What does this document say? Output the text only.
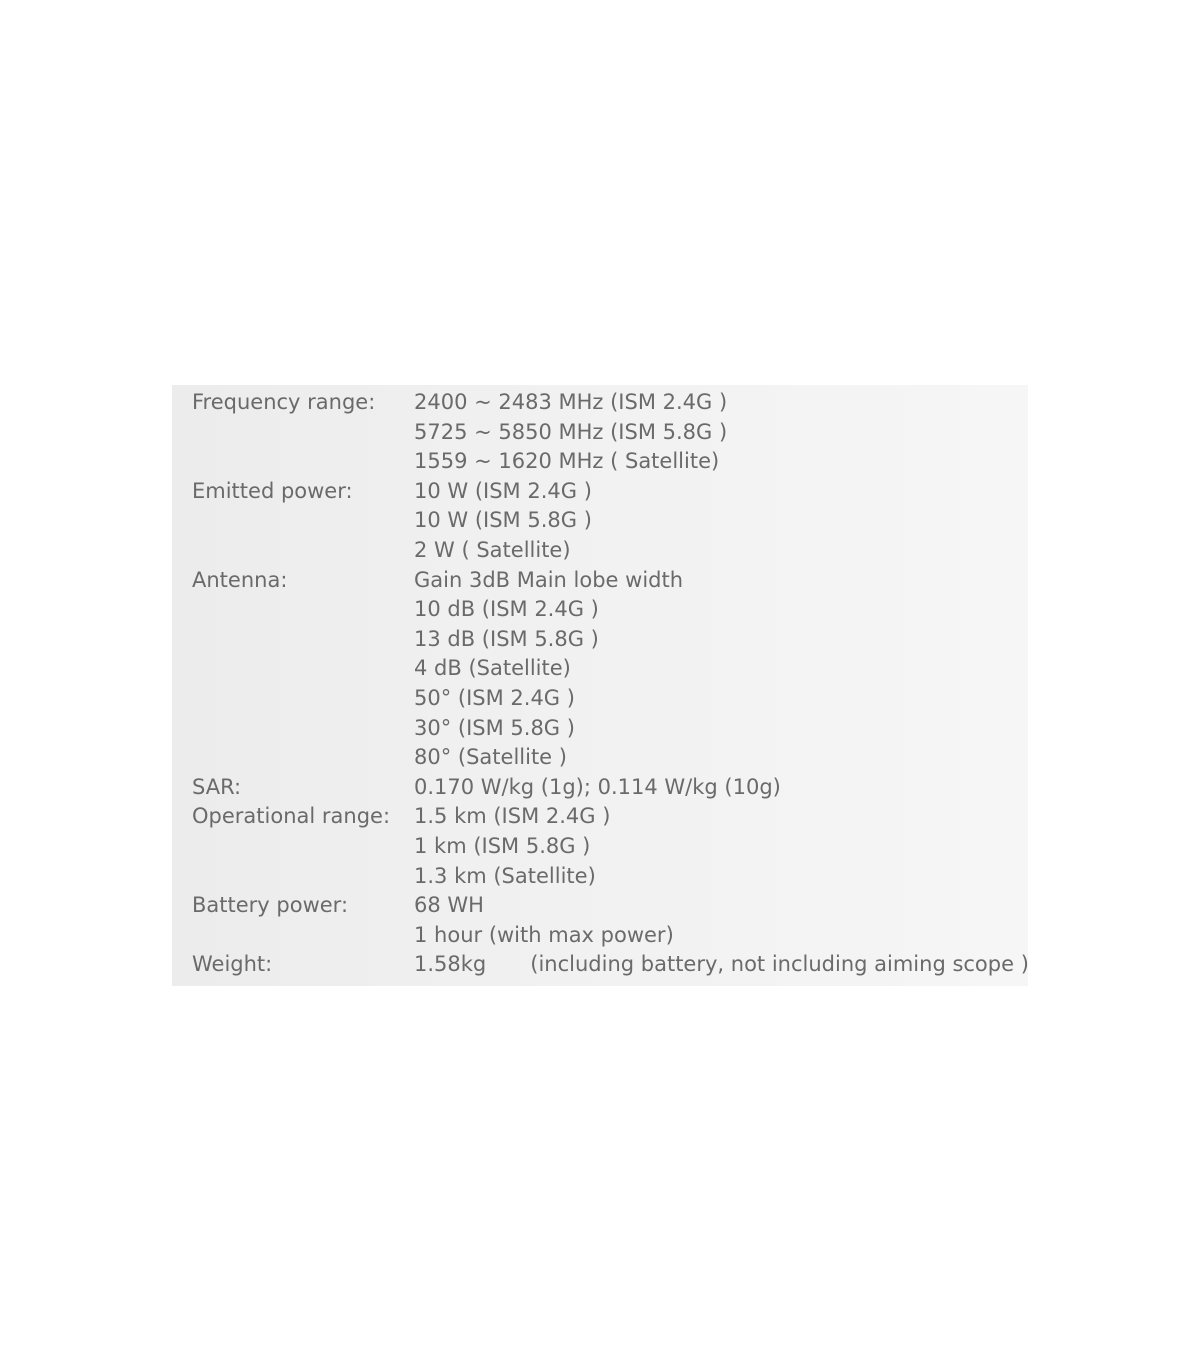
Frequency range:	2400 ~ 2483 MHz (ISM 2.4G )
5725 ~ 5850 MHz (ISM 5.8G )
1559 ~ 1620 MHz ( Satellite)
Emitted power:	10 W (ISM 2.4G )
10 W (ISM 5.8G )
2 W ( Satellite)
Antenna:	Gain 3dB Main lobe width
10 dB (ISM 2.4G )
13 dB (ISM 5.8G )
4 dB (Satellite)
50° (ISM 2.4G )
30° (ISM 5.8G )
80° (Satellite )
SAR:	0.170 W/kg (1g); 0.114 W/kg (10g)
Operational range:	1.5 km (ISM 2.4G )
1 km (ISM 5.8G )
1.3 km (Satellite)
Battery power:	68 WH
1 hour (with max power)
Weight:	1.58kg (including battery, not including aiming scope )
